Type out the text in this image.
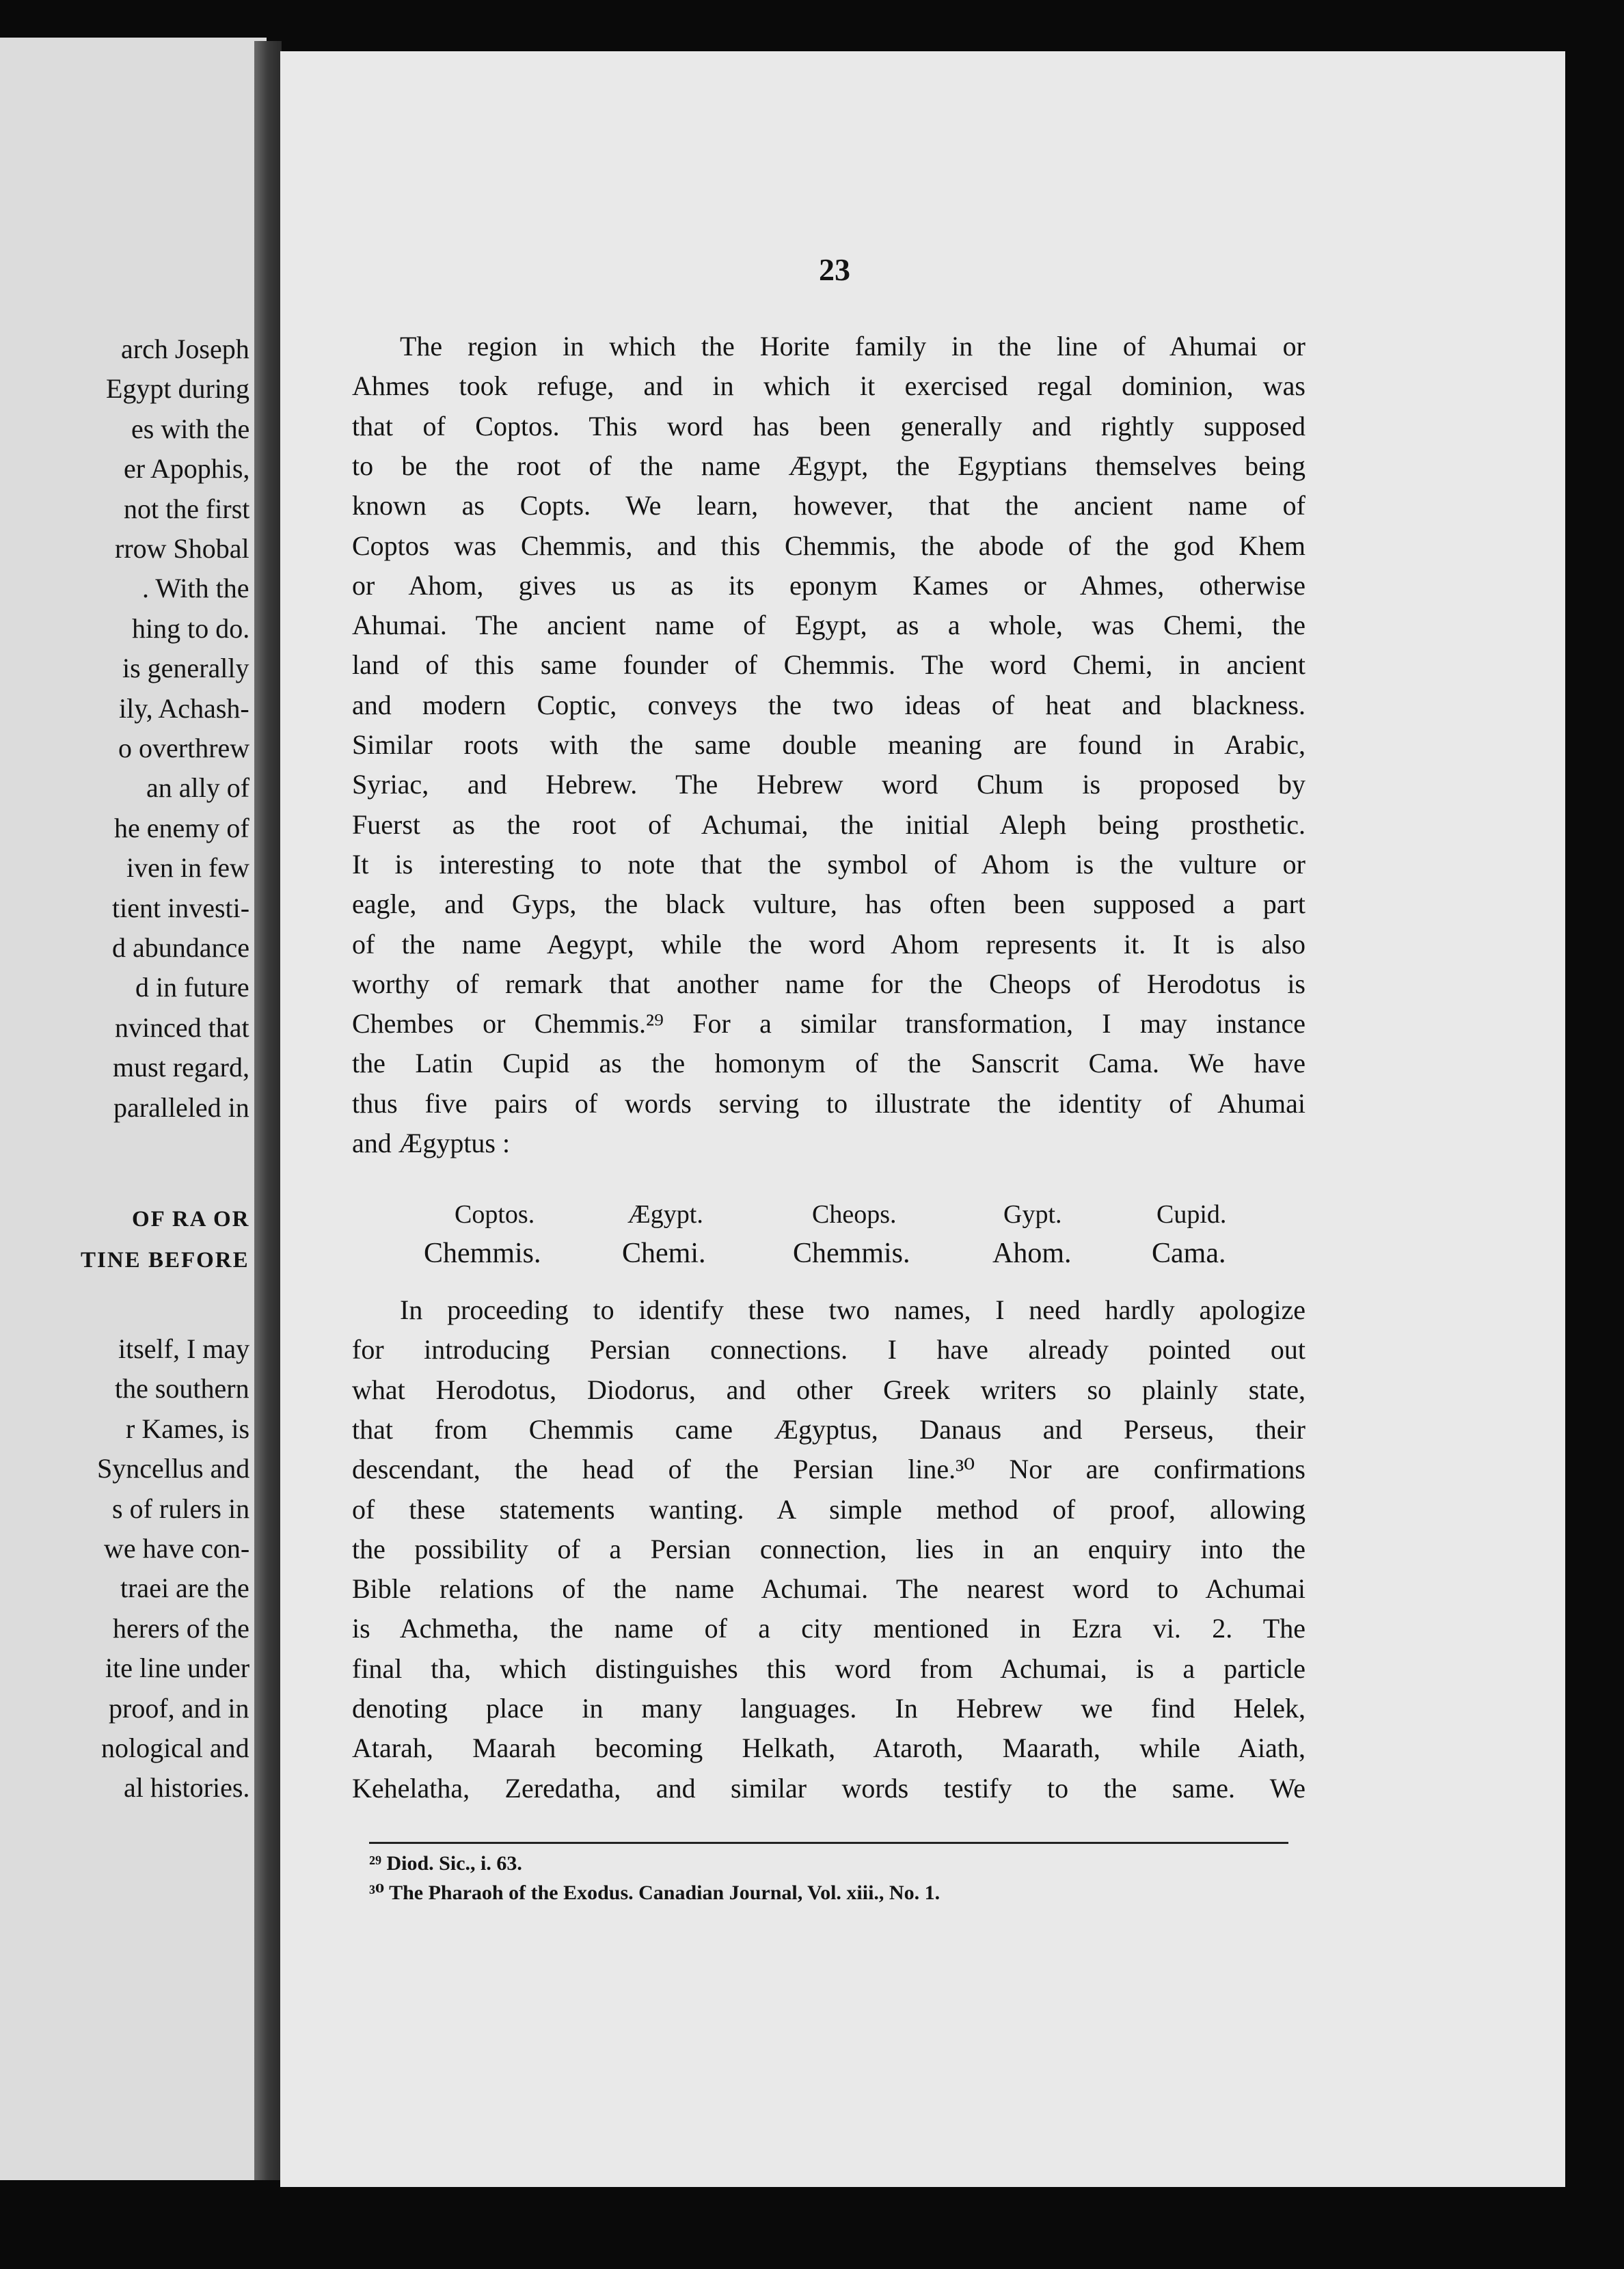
arch Joseph
Egypt during
es with the
er Apophis,
not the first
rrow Shobal
. With the
hing to do.
is generally
ily, Achash-
o overthrew
an ally of
he enemy of
iven in few
tient investi-
d abundance
d in future
nvinced that
must regard,
paralleled in
OF RA OR
TINE BEFORE
itself, I may
the southern
r Kames, is
Syncellus and
s of rulers in
we have con-
traei are the
herers of the
ite line under
proof, and in
nological and
al histories.
23
The region in which the Horite family in the line of Ahumai or
Ahmes took refuge, and in which it exercised regal dominion, was
that of Coptos. This word has been generally and rightly supposed
to be the root of the name Ægypt, the Egyptians themselves being
known as Copts. We learn, however, that the ancient name of
Coptos was Chemmis, and this Chemmis, the abode of the god Khem
or Ahom, gives us as its eponym Kames or Ahmes, otherwise
Ahumai. The ancient name of Egypt, as a whole, was Chemi, the
land of this same founder of Chemmis. The word Chemi, in ancient
and modern Coptic, conveys the two ideas of heat and blackness.
Similar roots with the same double meaning are found in Arabic,
Syriac, and Hebrew. The Hebrew word Chum is proposed by
Fuerst as the root of Achumai, the initial Aleph being prosthetic.
It is interesting to note that the symbol of Ahom is the vulture or
eagle, and Gyps, the black vulture, has often been supposed a part
of the name Aegypt, while the word Ahom represents it. It is also
worthy of remark that another name for the Cheops of Herodotus is
Chembes or Chemmis.²⁹ For a similar transformation, I may instance
the Latin Cupid as the homonym of the Sanscrit Cama. We have
thus five pairs of words serving to illustrate the identity of Ahumai
and Ægyptus :
Coptos.	Ægypt.	Cheops.	Gypt.	Cupid.
Chemmis.	Chemi.	Chemmis.	Ahom.	Cama.
In proceeding to identify these two names, I need hardly apologize
for introducing Persian connections. I have already pointed out
what Herodotus, Diodorus, and other Greek writers so plainly state,
that from Chemmis came Ægyptus, Danaus and Perseus, their
descendant, the head of the Persian line.³⁰ Nor are confirmations
of these statements wanting. A simple method of proof, allowing
the possibility of a Persian connection, lies in an enquiry into the
Bible relations of the name Achumai. The nearest word to Achumai
is Achmetha, the name of a city mentioned in Ezra vi. 2. The
final tha, which distinguishes this word from Achumai, is a particle
denoting place in many languages. In Hebrew we find Helek,
Atarah, Maarah becoming Helkath, Ataroth, Maarath, while Aiath,
Kehelatha, Zeredatha, and similar words testify to the same. We
²⁹ Diod. Sic., i. 63.
³⁰ The Pharaoh of the Exodus. Canadian Journal, Vol. xiii., No. 1.
